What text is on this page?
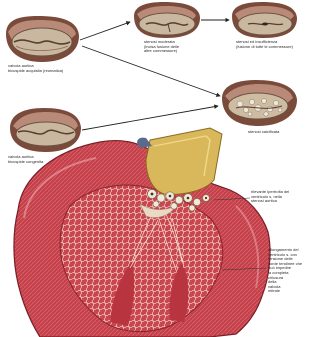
valvola aortica
bicuspide acquisita (reumatica)
valvola aortica
bicuspide congenita
stenosi moderata
(incisa fusione delle
altre commessure)
stenosi ed insufficienza
(fusione di tutte le commessure)
stenosi calcificata
rilevante ipertrofia del
ventricolo s. nella
stenosi aortica
allungamento del
ventricolo s. con
tensione delle
corde tendinee che
può impedire
la completa
chiusura
della
valvola
mitrale
